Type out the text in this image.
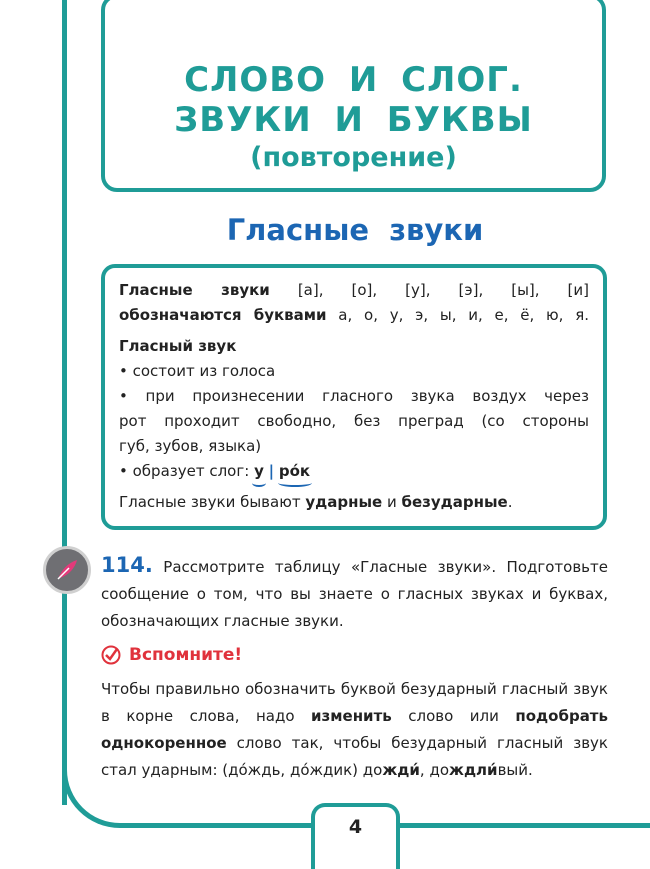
СЛОВО И СЛОГ.
ЗВУКИ И БУКВЫ
(повторение)
Гласные звуки

Гласные звуки [а], [о], [у], [э], [ы], [и]

обозначаются буквами а, о, у, э, ы, и, е, ё, ю, я.

Гласный звук

• состоит из голоса

• при произнесении гласного звука воздух через

рот проходит свободно, без преград (со стороны

губ, зубов, языка)

• образует слог: у | ро́к

Гласные звуки бывают ударные и безударные.

114. Рассмотрите таблицу «Гласные звуки». Подготовьте сообщение о том, что вы знаете о гласных звуках и буквах, обозначающих гласные звуки.
Вспомните!
Чтобы правильно обозначить буквой безударный гласный звук в корне слова, надо изменить слово или подобрать однокоренное слово так, чтобы безударный гласный звук стал ударным: (до́ждь, до́ждик) дожди́, дождли́вый.
4
